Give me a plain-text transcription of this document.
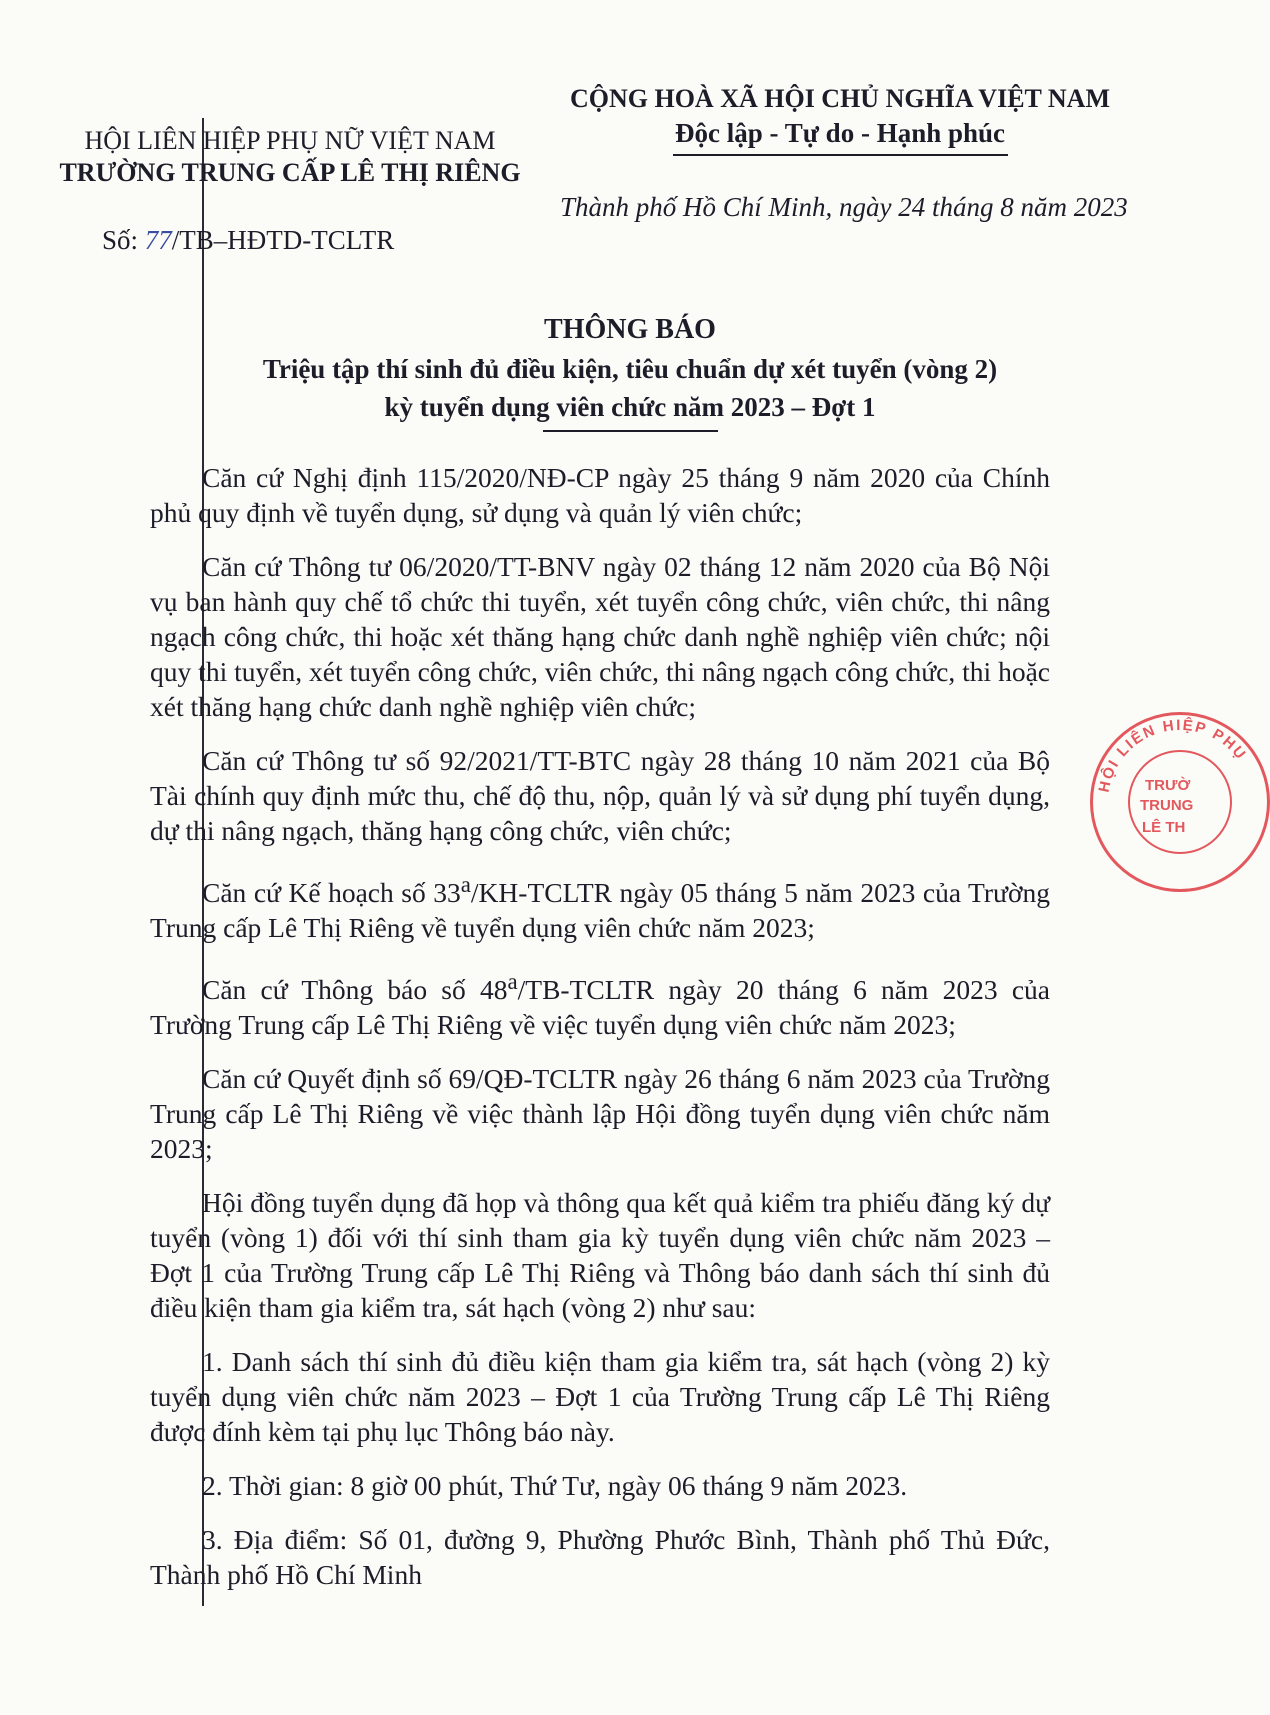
HỘI LIÊN HIỆP PHỤ NỮ VIỆT NAM
TRƯỜNG TRUNG CẤP LÊ THỊ RIÊNG
Số: 77/TB–HĐTD-TCLTR
CỘNG HOÀ XÃ HỘI CHỦ NGHĨA VIỆT NAM
Độc lập - Tự do - Hạnh phúc
Thành phố Hồ Chí Minh, ngày 24 tháng 8 năm 2023
THÔNG BÁO
Triệu tập thí sinh đủ điều kiện, tiêu chuẩn dự xét tuyển (vòng 2)
kỳ tuyển dụng viên chức năm 2023 – Đợt 1

Căn cứ Nghị định 115/2020/NĐ-CP ngày 25 tháng 9 năm 2020 của Chính phủ quy định về tuyển dụng, sử dụng và quản lý viên chức;

Căn cứ Thông tư 06/2020/TT-BNV ngày 02 tháng 12 năm 2020 của Bộ Nội vụ ban hành quy chế tổ chức thi tuyển, xét tuyển công chức, viên chức, thi nâng ngạch công chức, thi hoặc xét thăng hạng chức danh nghề nghiệp viên chức; nội quy thi tuyển, xét tuyển công chức, viên chức, thi nâng ngạch công chức, thi hoặc xét thăng hạng chức danh nghề nghiệp viên chức;

Căn cứ Thông tư số 92/2021/TT-BTC ngày 28 tháng 10 năm 2021 của Bộ Tài chính quy định mức thu, chế độ thu, nộp, quản lý và sử dụng phí tuyển dụng, dự thi nâng ngạch, thăng hạng công chức, viên chức;

Căn cứ Kế hoạch số 33$^a$/KH-TCLTR ngày 05 tháng 5 năm 2023 của Trường Trung cấp Lê Thị Riêng về tuyển dụng viên chức năm 2023;

Căn cứ Thông báo số 48$^a$/TB-TCLTR ngày 20 tháng 6 năm 2023 của Trường Trung cấp Lê Thị Riêng về việc tuyển dụng viên chức năm 2023;

Căn cứ Quyết định số 69/QĐ-TCLTR ngày 26 tháng 6 năm 2023 của Trường Trung cấp Lê Thị Riêng về việc thành lập Hội đồng tuyển dụng viên chức năm 2023;

Hội đồng tuyển dụng đã họp và thông qua kết quả kiểm tra phiếu đăng ký dự tuyển (vòng 1) đối với thí sinh tham gia kỳ tuyển dụng viên chức năm 2023 – Đợt 1 của Trường Trung cấp Lê Thị Riêng và Thông báo danh sách thí sinh đủ điều kiện tham gia kiểm tra, sát hạch (vòng 2) như sau:

1. Danh sách thí sinh đủ điều kiện tham gia kiểm tra, sát hạch (vòng 2) kỳ tuyển dụng viên chức năm 2023 – Đợt 1 của Trường Trung cấp Lê Thị Riêng được đính kèm tại phụ lục Thông báo này.

2. Thời gian: 8 giờ 00 phút, Thứ Tư, ngày 06 tháng 9 năm 2023.

3. Địa điểm: Số 01, đường 9, Phường Phước Bình, Thành phố Thủ Đức, Thành phố Hồ Chí Minh

HỘI LIÊN HIỆP PHỤ
TRƯỜ
TRUNG
LÊ TH
